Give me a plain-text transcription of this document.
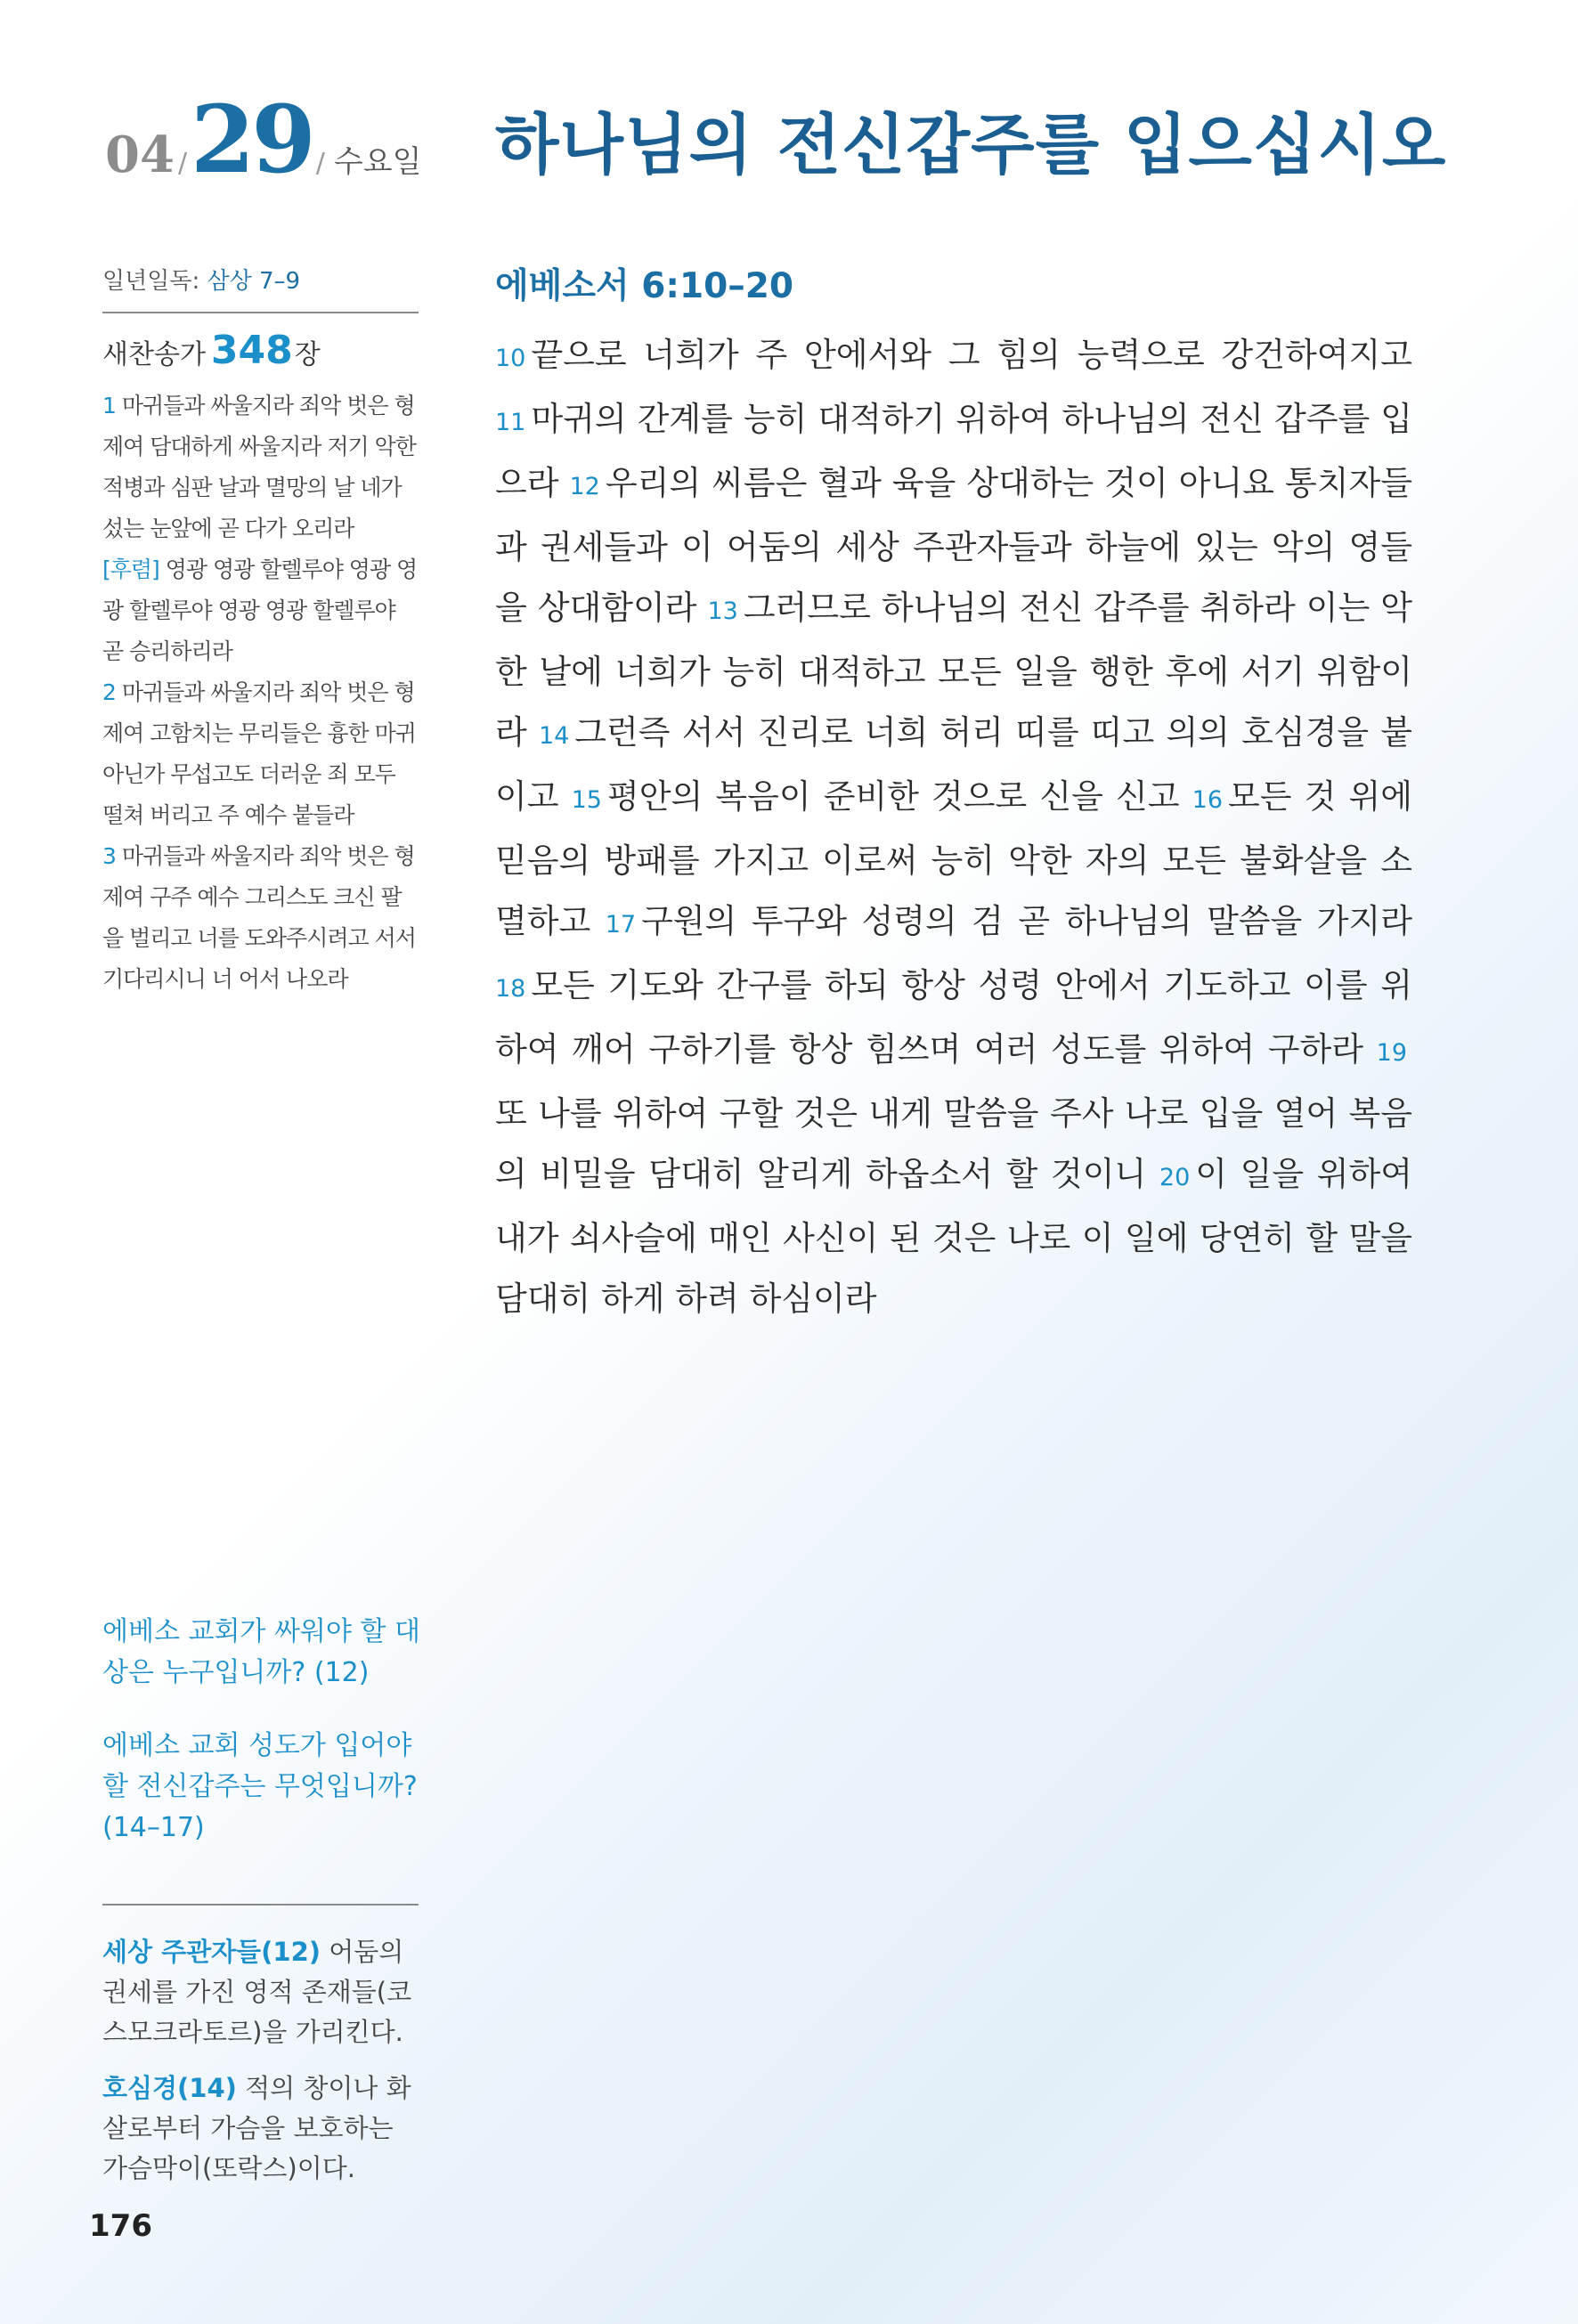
04 / 29 / 수요일 하나님의 전신갑주를 입으십시오
일년일독: 삼상 7–9
새찬송가 348 장
1 마귀들과 싸울지라 죄악 벗은 형제여 담대하게 싸울지라 저기 악한 적병과 심판 날과 멸망의 날 네가 섰는 눈앞에 곧 다가 오리라
[후렴] 영광 영광 할렐루야 영광 영광 할렐루야 영광 영광 할렐루야 곧 승리하리라
2 마귀들과 싸울지라 죄악 벗은 형제여 고함치는 무리들은 흉한 마귀 아닌가 무섭고도 더러운 죄 모두 떨쳐 버리고 주 예수 붙들라
3 마귀들과 싸울지라 죄악 벗은 형제여 구주 예수 그리스도 크신 팔을 벌리고 너를 도와주시려고 서서 기다리시니 너 어서 나오라
에베소 교회가 싸워야 할 대상은 누구입니까? (12)
에베소 교회 성도가 입어야 할 전신갑주는 무엇입니까? (14–17)

세상 주관자들(12) 어둠의 권세를 가진 영적 존재들(코스모크라토르)을 가리킨다.

호심경(14) 적의 창이나 화살로부터 가슴을 보호하는 가슴막이(또락스)이다.

176
에베소서 6:10–20
10 끝으로 너희가 주 안에서와 그 힘의 능력으로 강건하여지고 11 마귀의 간계를 능히 대적하기 위하여 하나님의 전신 갑주를 입으라 12 우리의 씨름은 혈과 육을 상대하는 것이 아니요 통치자들과 권세들과 이 어둠의 세상 주관자들과 하늘에 있는 악의 영들을 상대함이라 13 그러므로 하나님의 전신 갑주를 취하라 이는 악한 날에 너희가 능히 대적하고 모든 일을 행한 후에 서기 위함이라 14 그런즉 서서 진리로 너희 허리 띠를 띠고 의의 호심경을 붙이고 15 평안의 복음이 준비한 것으로 신을 신고 16 모든 것 위에 믿음의 방패를 가지고 이로써 능히 악한 자의 모든 불화살을 소멸하고 17 구원의 투구와 성령의 검 곧 하나님의 말씀을 가지라 18 모든 기도와 간구를 하되 항상 성령 안에서 기도하고 이를 위하여 깨어 구하기를 항상 힘쓰며 여러 성도를 위하여 구하라 19또 나를 위하여 구할 것은 내게 말씀을 주사 나로 입을 열어 복음의 비밀을 담대히 알리게 하옵소서 할 것이니 20 이 일을 위하여 내가 쇠사슬에 매인 사신이 된 것은 나로 이 일에 당연히 할 말을 담대히 하게 하려 하심이라
